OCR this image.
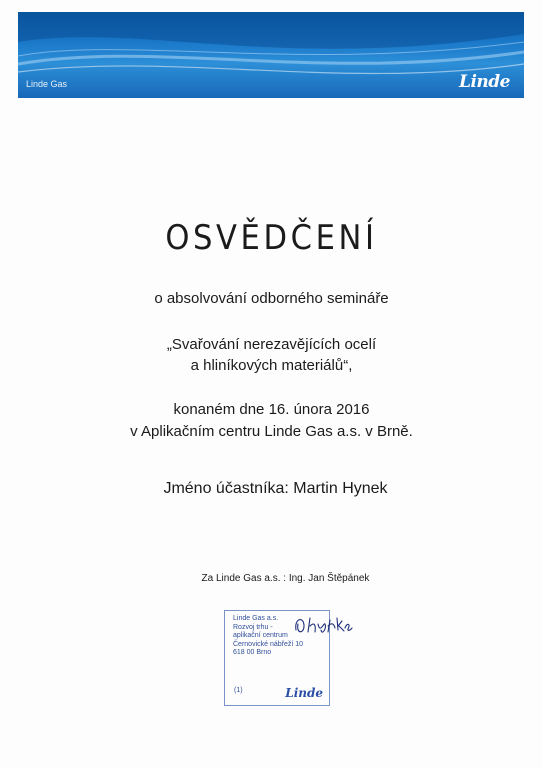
Linde Gas	Linde
OSVĚDČENÍ
o absolvování odborného semináře
„Svařování nerezavějících ocelí
a hliníkových materiálů“,
konaném dne 16. února 2016
v Aplikačním centru Linde Gas a.s. v Brně.
Jméno účastníka: Martin Hynek
Za Linde Gas a.s. : Ing. Jan Štěpánek
Linde Gas a.s.
Rozvoj trhu -
aplikační centrum
Černovické nábřeží 10
618 00 Brno
(1)	Linde
